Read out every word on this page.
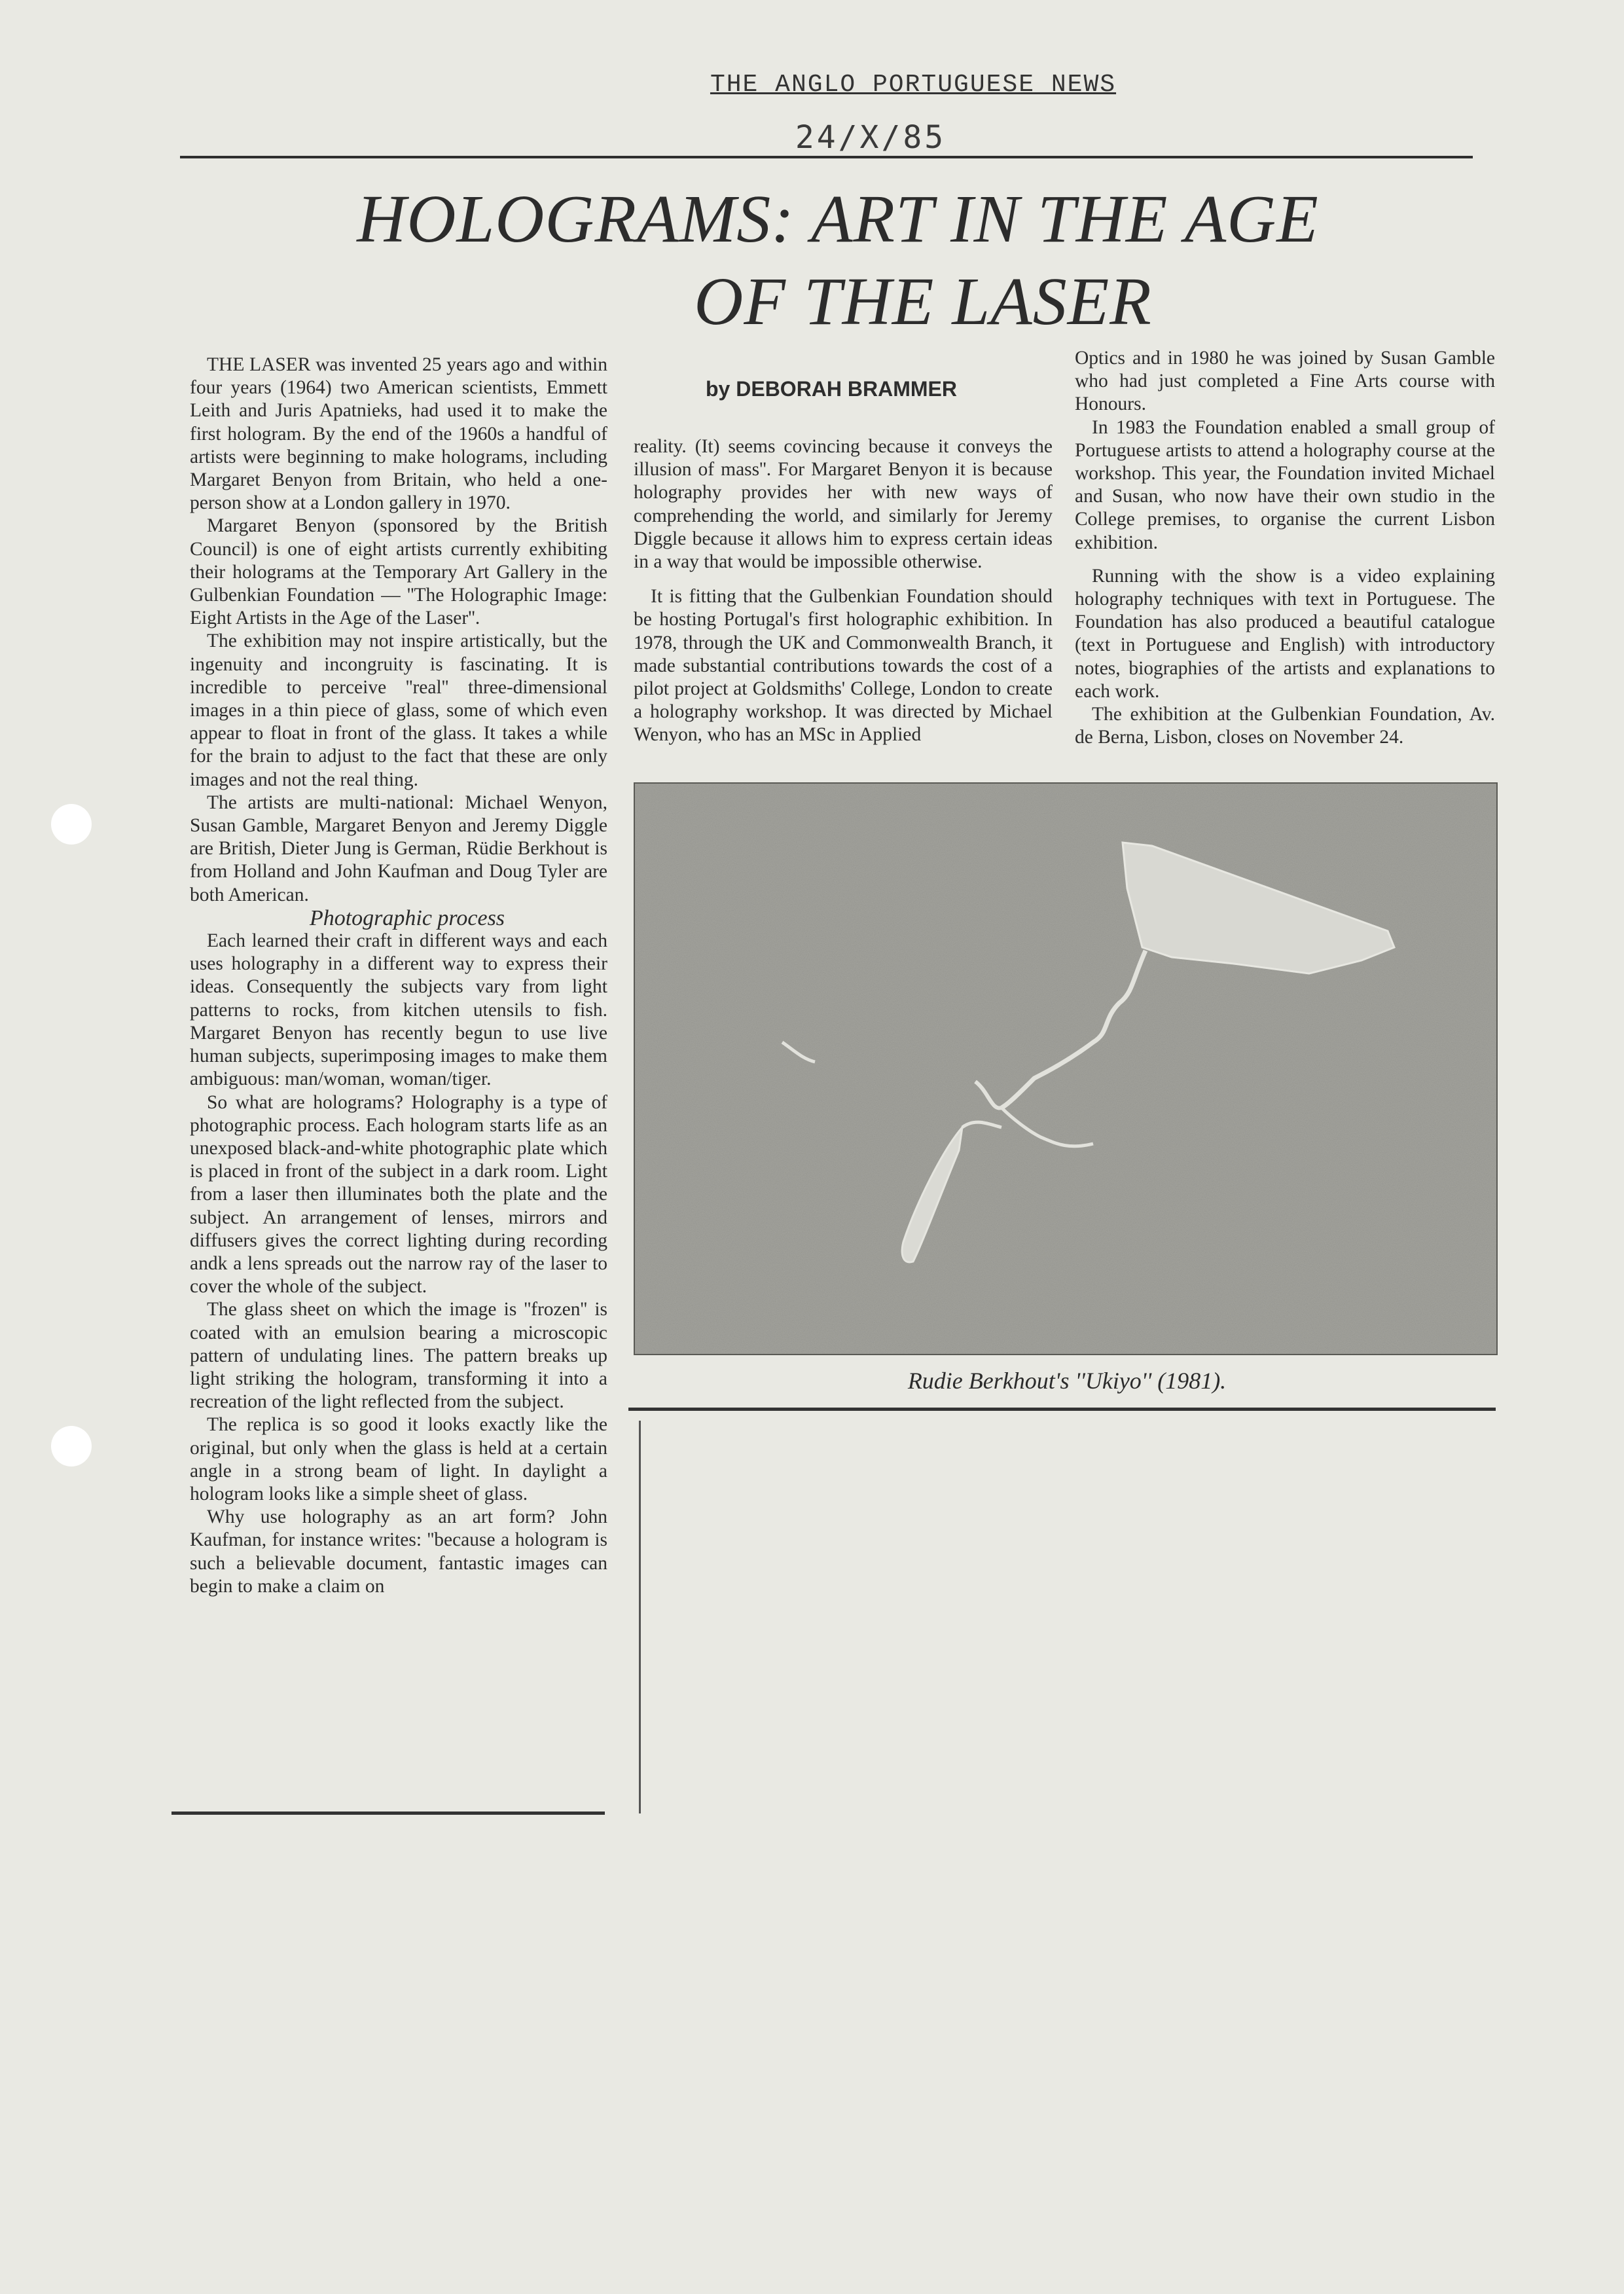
THE ANGLO PORTUGUESE NEWS
24/X/85
HOLOGRAMS: ART IN THE AGE
OF THE LASER
by DEBORAH BRAMMER

THE LASER was invented 25 years ago and within four years (1964) two American scientists, Emmett Leith and Juris Apatnieks, had used it to make the first hologram. By the end of the 1960s a handful of artists were beginning to make holograms, including Margaret Benyon from Britain, who held a one-person show at a London gallery in 1970.

Margaret Benyon (sponsored by the British Council) is one of eight artists currently exhibiting their holograms at the Temporary Art Gallery in the Gulbenkian Foundation — ''The Holographic Image: Eight Artists in the Age of the Laser''.

The exhibition may not inspire artistically, but the ingenuity and incongruity is fascinating. It is incredible to perceive ''real'' three-dimensional images in a thin piece of glass, some of which even appear to float in front of the glass. It takes a while for the brain to adjust to the fact that these are only images and not the real thing.

The artists are multi-national: Michael Wenyon, Susan Gamble, Margaret Benyon and Jeremy Diggle are British, Dieter Jung is German, Rüdie Berkhout is from Holland and John Kaufman and Doug Tyler are both American.

Photographic process

Each learned their craft in different ways and each uses holography in a different way to express their ideas. Consequently the subjects vary from light patterns to rocks, from kitchen utensils to fish. Margaret Benyon has recently begun to use live human subjects, superimposing images to make them ambiguous: man/woman, woman/tiger.

So what are holograms? Holography is a type of photographic process. Each hologram starts life as an unexposed black-and-white photographic plate which is placed in front of the subject in a dark room. Light from a laser then illuminates both the plate and the subject. An arrangement of lenses, mirrors and diffusers gives the correct lighting during recording andk a lens spreads out the narrow ray of the laser to cover the whole of the subject.

The glass sheet on which the image is ''frozen'' is coated with an emulsion bearing a microscopic pattern of undulating lines. The pattern breaks up light striking the hologram, transforming it into a recreation of the light reflected from the subject.

The replica is so good it looks exactly like the original, but only when the glass is held at a certain angle in a strong beam of light. In daylight a hologram looks like a simple sheet of glass.

Why use holography as an art form? John Kaufman, for instance writes: ''because a hologram is such a believable document, fantastic images can begin to make a claim on

reality. (It) seems covincing because it conveys the illusion of mass''. For Margaret Benyon it is because holography provides her with new ways of comprehending the world, and similarly for Jeremy Diggle because it allows him to express certain ideas in a way that would be impossible otherwise.

It is fitting that the Gulbenkian Foundation should be hosting Portugal's first holographic exhibition. In 1978, through the UK and Commonwealth Branch, it made substantial contributions towards the cost of a pilot project at Goldsmiths' College, London to create a holography workshop. It was directed by Michael Wenyon, who has an MSc in Applied

Optics and in 1980 he was joined by Susan Gamble who had just completed a Fine Arts course with Honours.

In 1983 the Foundation enabled a small group of Portuguese artists to attend a holography course at the workshop. This year, the Foundation invited Michael and Susan, who now have their own studio in the College premises, to organise the current Lisbon exhibition.

Running with the show is a video explaining holography techniques with text in Portuguese. The Foundation has also produced a beautiful catalogue (text in Portuguese and English) with introductory notes, biographies of the artists and explanations to each work.

The exhibition at the Gulbenkian Foundation, Av. de Berna, Lisbon, closes on November 24.

Rudie Berkhout's ''Ukiyo'' (1981).
